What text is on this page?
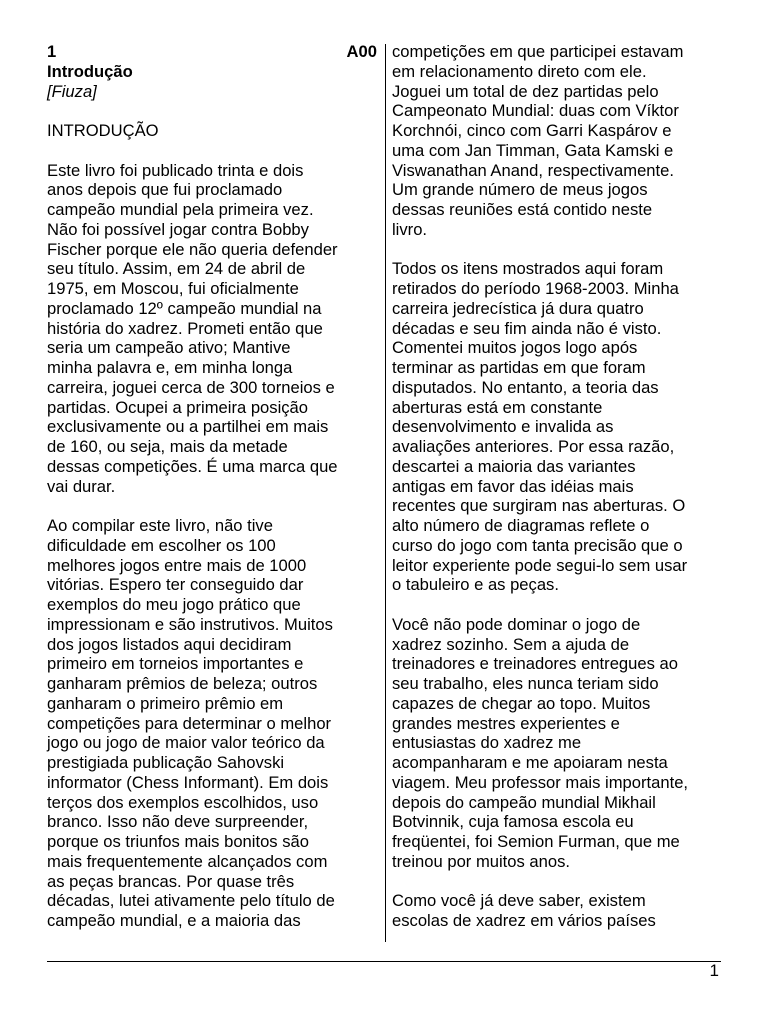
1	A00
Introdução
[Fiuza]
INTRODUÇÃO
Este livro foi publicado trinta e dois
anos depois que fui proclamado
campeão mundial pela primeira vez.
Não foi possível jogar contra Bobby
Fischer porque ele não queria defender
seu título. Assim, em 24 de abril de
1975, em Moscou, fui oficialmente
proclamado 12º campeão mundial na
história do xadrez. Prometi então que
seria um campeão ativo; Mantive
minha palavra e, em minha longa
carreira, joguei cerca de 300 torneios e
partidas. Ocupei a primeira posição
exclusivamente ou a partilhei em mais
de 160, ou seja, mais da metade
dessas competições. É uma marca que
vai durar.
Ao compilar este livro, não tive
dificuldade em escolher os 100
melhores jogos entre mais de 1000
vitórias. Espero ter conseguido dar
exemplos do meu jogo prático que
impressionam e são instrutivos. Muitos
dos jogos listados aqui decidiram
primeiro em torneios importantes e
ganharam prêmios de beleza; outros
ganharam o primeiro prêmio em
competições para determinar o melhor
jogo ou jogo de maior valor teórico da
prestigiada publicação Sahovski
informator (Chess Informant). Em dois
terços dos exemplos escolhidos, uso
branco. Isso não deve surpreender,
porque os triunfos mais bonitos são
mais frequentemente alcançados com
as peças brancas. Por quase três
décadas, lutei ativamente pelo título de
campeão mundial, e a maioria das
competições em que participei estavam
em relacionamento direto com ele.
Joguei um total de dez partidas pelo
Campeonato Mundial: duas com Víktor
Korchnói, cinco com Garri Kaspárov e
uma com Jan Timman, Gata Kamski e
Viswanathan Anand, respectivamente.
Um grande número de meus jogos
dessas reuniões está contido neste
livro.
Todos os itens mostrados aqui foram
retirados do período 1968-2003. Minha
carreira jedrecística já dura quatro
décadas e seu fim ainda não é visto.
Comentei muitos jogos logo após
terminar as partidas em que foram
disputados. No entanto, a teoria das
aberturas está em constante
desenvolvimento e invalida as
avaliações anteriores. Por essa razão,
descartei a maioria das variantes
antigas em favor das idéias mais
recentes que surgiram nas aberturas. O
alto número de diagramas reflete o
curso do jogo com tanta precisão que o
leitor experiente pode segui-lo sem usar
o tabuleiro e as peças.
Você não pode dominar o jogo de
xadrez sozinho. Sem a ajuda de
treinadores e treinadores entregues ao
seu trabalho, eles nunca teriam sido
capazes de chegar ao topo. Muitos
grandes mestres experientes e
entusiastas do xadrez me
acompanharam e me apoiaram nesta
viagem. Meu professor mais importante,
depois do campeão mundial Mikhail
Botvinnik, cuja famosa escola eu
freqüentei, foi Semion Furman, que me
treinou por muitos anos.
Como você já deve saber, existem
escolas de xadrez em vários países
1
